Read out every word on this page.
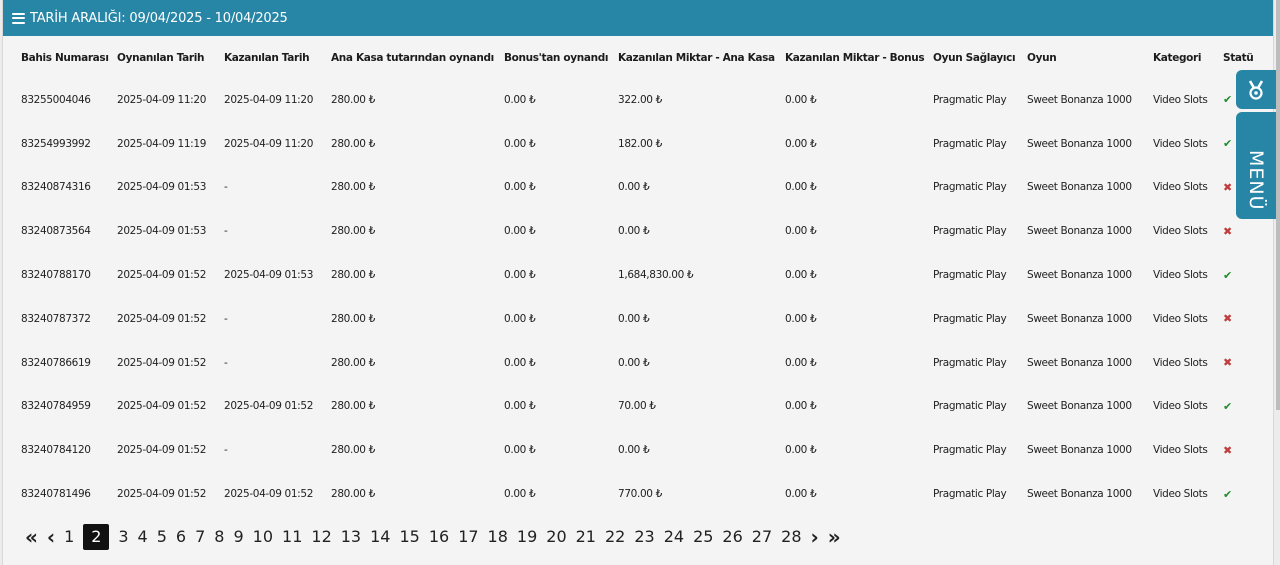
TARİH ARALIĞI: 09/04/2025 - 10/04/2025
Bahis Numarası	Oynanılan Tarih	Kazanılan Tarih	Ana Kasa tutarından oynandı	Bonus'tan oynandı	Kazanılan Miktar - Ana Kasa	Kazanılan Miktar - Bonus	Oyun Sağlayıcı	Oyun	Kategori	Statü
83255004046	2025-04-09 11:20	2025-04-09 11:20	280.00 ₺	0.00 ₺	322.00 ₺	0.00 ₺	Pragmatic Play	Sweet Bonanza 1000	Video Slots	✔
83254993992	2025-04-09 11:19	2025-04-09 11:20	280.00 ₺	0.00 ₺	182.00 ₺	0.00 ₺	Pragmatic Play	Sweet Bonanza 1000	Video Slots	✔
83240874316	2025-04-09 01:53	-	280.00 ₺	0.00 ₺	0.00 ₺	0.00 ₺	Pragmatic Play	Sweet Bonanza 1000	Video Slots	✖
83240873564	2025-04-09 01:53	-	280.00 ₺	0.00 ₺	0.00 ₺	0.00 ₺	Pragmatic Play	Sweet Bonanza 1000	Video Slots	✖
83240788170	2025-04-09 01:52	2025-04-09 01:53	280.00 ₺	0.00 ₺	1,684,830.00 ₺	0.00 ₺	Pragmatic Play	Sweet Bonanza 1000	Video Slots	✔
83240787372	2025-04-09 01:52	-	280.00 ₺	0.00 ₺	0.00 ₺	0.00 ₺	Pragmatic Play	Sweet Bonanza 1000	Video Slots	✖
83240786619	2025-04-09 01:52	-	280.00 ₺	0.00 ₺	0.00 ₺	0.00 ₺	Pragmatic Play	Sweet Bonanza 1000	Video Slots	✖
83240784959	2025-04-09 01:52	2025-04-09 01:52	280.00 ₺	0.00 ₺	70.00 ₺	0.00 ₺	Pragmatic Play	Sweet Bonanza 1000	Video Slots	✔
83240784120	2025-04-09 01:52	-	280.00 ₺	0.00 ₺	0.00 ₺	0.00 ₺	Pragmatic Play	Sweet Bonanza 1000	Video Slots	✖
83240781496	2025-04-09 01:52	2025-04-09 01:52	280.00 ₺	0.00 ₺	770.00 ₺	0.00 ₺	Pragmatic Play	Sweet Bonanza 1000	Video Slots	✔
« ‹ 1	2	3 4 5 6 7 8 9 10 11 12 13 14 15 16 17 18 19 20 21 22 23 24 25 26 27 28 › »
MENÜ
